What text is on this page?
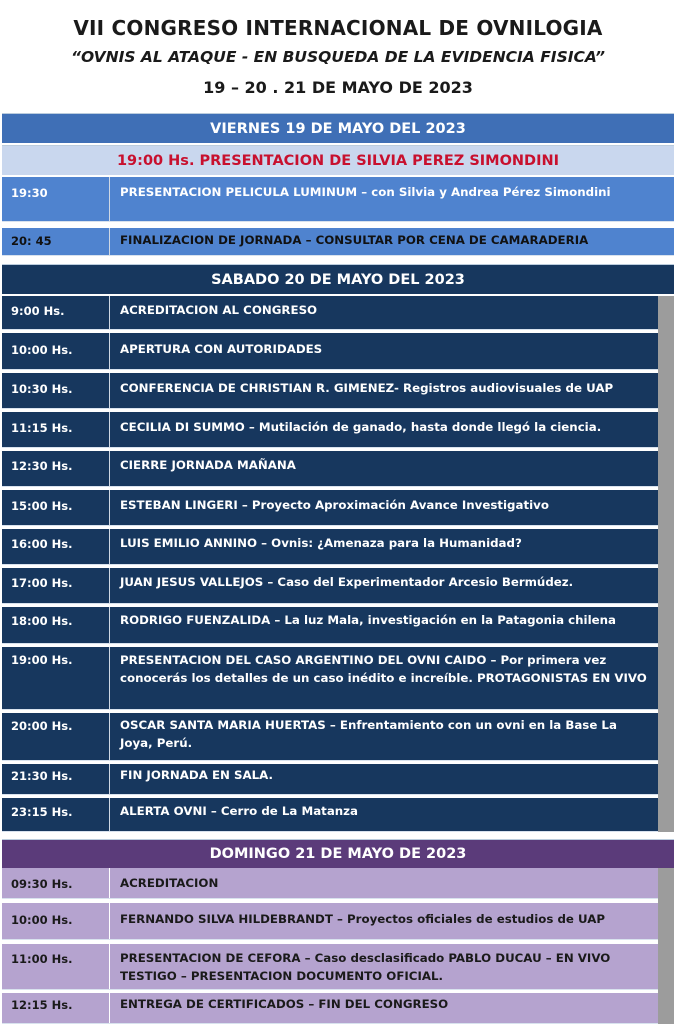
VII CONGRESO INTERNACIONAL DE OVNILOGIA
“OVNIS AL ATAQUE - EN BUSQUEDA DE LA EVIDENCIA FISICA”
19 – 20 . 21 DE MAYO DE 2023
VIERNES 19 DE MAYO DEL 2023
19:00 Hs. PRESENTACION DE SILVIA PEREZ SIMONDINI
19:30	PRESENTACION PELICULA LUMINUM – con Silvia y Andrea Pérez Simondini
20: 45	FINALIZACION DE JORNADA – CONSULTAR POR CENA DE CAMARADERIA
SABADO 20 DE MAYO DEL 2023
9:00 Hs.	ACREDITACION AL CONGRESO
10:00 Hs.	APERTURA CON AUTORIDADES
10:30 Hs.	CONFERENCIA DE CHRISTIAN R. GIMENEZ- Registros audiovisuales de UAP
11:15 Hs.	CECILIA DI SUMMO – Mutilación de ganado, hasta donde llegó la ciencia.
12:30 Hs.	CIERRE JORNADA MAÑANA
15:00 Hs.	ESTEBAN LINGERI – Proyecto Aproximación Avance Investigativo
16:00 Hs.	LUIS EMILIO ANNINO – Ovnis: ¿Amenaza para la Humanidad?
17:00 Hs.	JUAN JESUS VALLEJOS – Caso del Experimentador Arcesio Bermúdez.
18:00 Hs.	RODRIGO FUENZALIDA – La luz Mala, investigación en la Patagonia chilena
19:00 Hs.	PRESENTACION DEL CASO ARGENTINO DEL OVNI CAIDO – Por primera vez conocerás los detalles de un caso inédito e increíble. PROTAGONISTAS EN VIVO
20:00 Hs.	OSCAR SANTA MARIA HUERTAS – Enfrentamiento con un ovni en la Base La Joya, Perú.
21:30 Hs.	FIN JORNADA EN SALA.
23:15 Hs.	ALERTA OVNI – Cerro de La Matanza
DOMINGO 21 DE MAYO DE 2023
09:30 Hs.	ACREDITACION
10:00 Hs.	FERNANDO SILVA HILDEBRANDT – Proyectos oficiales de estudios de UAP
11:00 Hs.	PRESENTACION DE CEFORA – Caso desclasificado PABLO DUCAU – EN VIVO TESTIGO – PRESENTACION DOCUMENTO OFICIAL.
12:15 Hs.	ENTREGA DE CERTIFICADOS – FIN DEL CONGRESO
